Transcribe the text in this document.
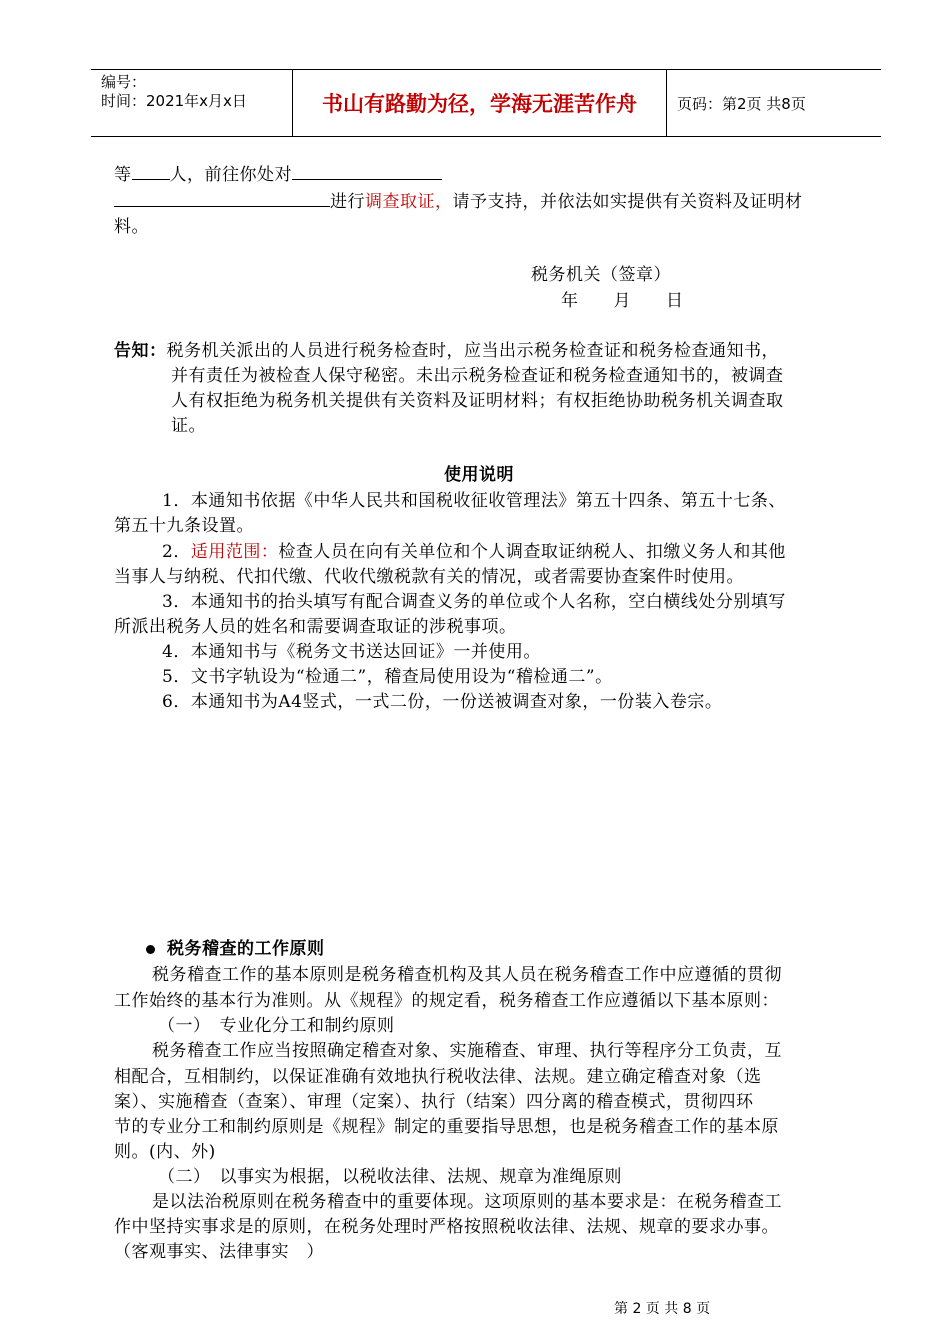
编号：
时间：2021年x月x日	书山有路勤为径，学海无涯苦作舟	页码：第2页 共8页
等 人，前往你处对
进行调查取证，请予支持，并依法如实提供有关资料及证明材
料。
税务机关（签章）
年　　月　　日
告知：税务机关派出的人员进行税务检查时，应当出示税务检查证和税务检查通知书，
并有责任为被检查人保守秘密。未出示税务检查证和税务检查通知书的，被调查
人有权拒绝为税务机关提供有关资料及证明材料；有权拒绝协助税务机关调查取
证。
使用说明
1．本通知书依据《中华人民共和国税收征收管理法》第五十四条、第五十七条、
第五十九条设置。
2．适用范围：检查人员在向有关单位和个人调查取证纳税人、扣缴义务人和其他
当事人与纳税、代扣代缴、代收代缴税款有关的情况，或者需要协查案件时使用。
3．本通知书的抬头填写有配合调查义务的单位或个人名称，空白横线处分别填写
所派出税务人员的姓名和需要调查取证的涉税事项。
4．本通知书与《税务文书送达回证》一并使用。
5．文书字轨设为“检通二”，稽查局使用设为“稽检通二”。
6．本通知书为A4竖式，一式二份，一份送被调查对象，一份装入卷宗。
税务稽查的工作原则
税务稽查工作的基本原则是税务稽查机构及其人员在税务稽查工作中应遵循的贯彻
工作始终的基本行为准则。从《规程》的规定看，税务稽查工作应遵循以下基本原则：
（一）　专业化分工和制约原则
税务稽查工作应当按照确定稽查对象、实施稽查、审理、执行等程序分工负责，互
相配合，互相制约，以保证准确有效地执行税收法律、法规。建立确定稽查对象（选
案）、实施稽查（查案）、审理（定案）、执行（结案）四分离的稽查模式，贯彻四环
节的专业分工和制约原则是《规程》制定的重要指导思想，也是税务稽查工作的基本原
则。(内、外)
（二）　以事实为根据，以税收法律、法规、规章为准绳原则
是以法治税原则在税务稽查中的重要体现。这项原则的基本要求是：在税务稽查工
作中坚持实事求是的原则，在税务处理时严格按照税收法律、法规、规章的要求办事。
（客观事实、法律事实　）
第 2 页 共 8 页
